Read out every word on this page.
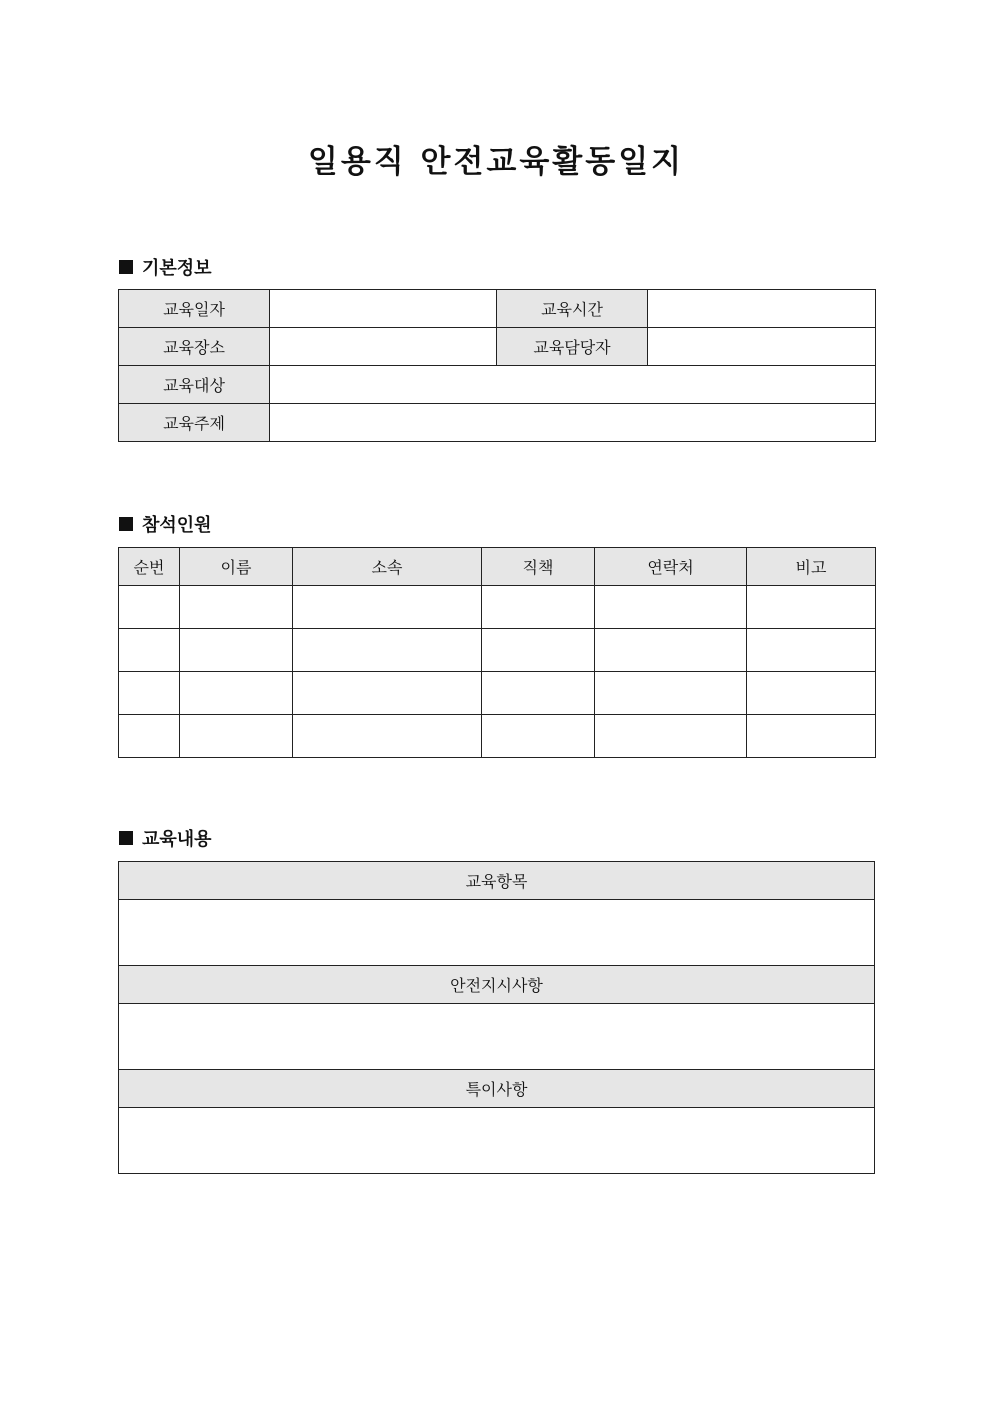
일용직 안전교육활동일지
기본정보
교육일자		교육시간	
교육장소		교육담당자	
교육대상			
교육주제			
참석인원
순번	이름	소속	직책	연락처	비고

교육내용
교육항목

안전지시사항

특이사항
